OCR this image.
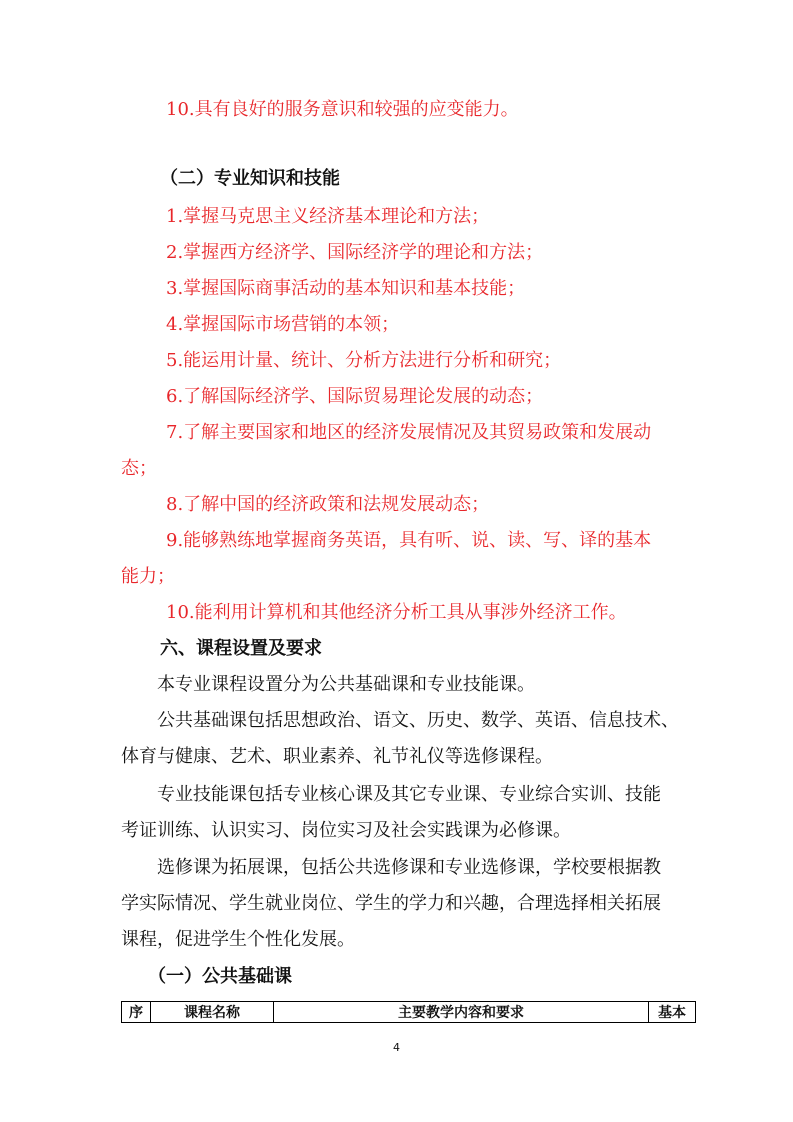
10.具有良好的服务意识和较强的应变能力。
（二）专业知识和技能
1.掌握马克思主义经济基本理论和方法；
2.掌握西方经济学、国际经济学的理论和方法；
3.掌握国际商事活动的基本知识和基本技能；
4.掌握国际市场营销的本领；
5.能运用计量、统计、分析方法进行分析和研究；
6.了解国际经济学、国际贸易理论发展的动态；
7.了解主要国家和地区的经济发展情况及其贸易政策和发展动
态；
8.了解中国的经济政策和法规发展动态；
9.能够熟练地掌握商务英语，具有听、说、读、写、译的基本
能力；
10.能利用计算机和其他经济分析工具从事涉外经济工作。
六、课程设置及要求
本专业课程设置分为公共基础课和专业技能课。
公共基础课包括思想政治、语文、历史、数学、英语、信息技术、
体育与健康、艺术、职业素养、礼节礼仪等选修课程。
专业技能课包括专业核心课及其它专业课、专业综合实训、技能
考证训练、认识实习、岗位实习及社会实践课为必修课。
选修课为拓展课，包括公共选修课和专业选修课，学校要根据教
学实际情况、学生就业岗位、学生的学力和兴趣，合理选择相关拓展
课程，促进学生个性化发展。
（一）公共基础课
序	课程名称	主要教学内容和要求	基本
4
